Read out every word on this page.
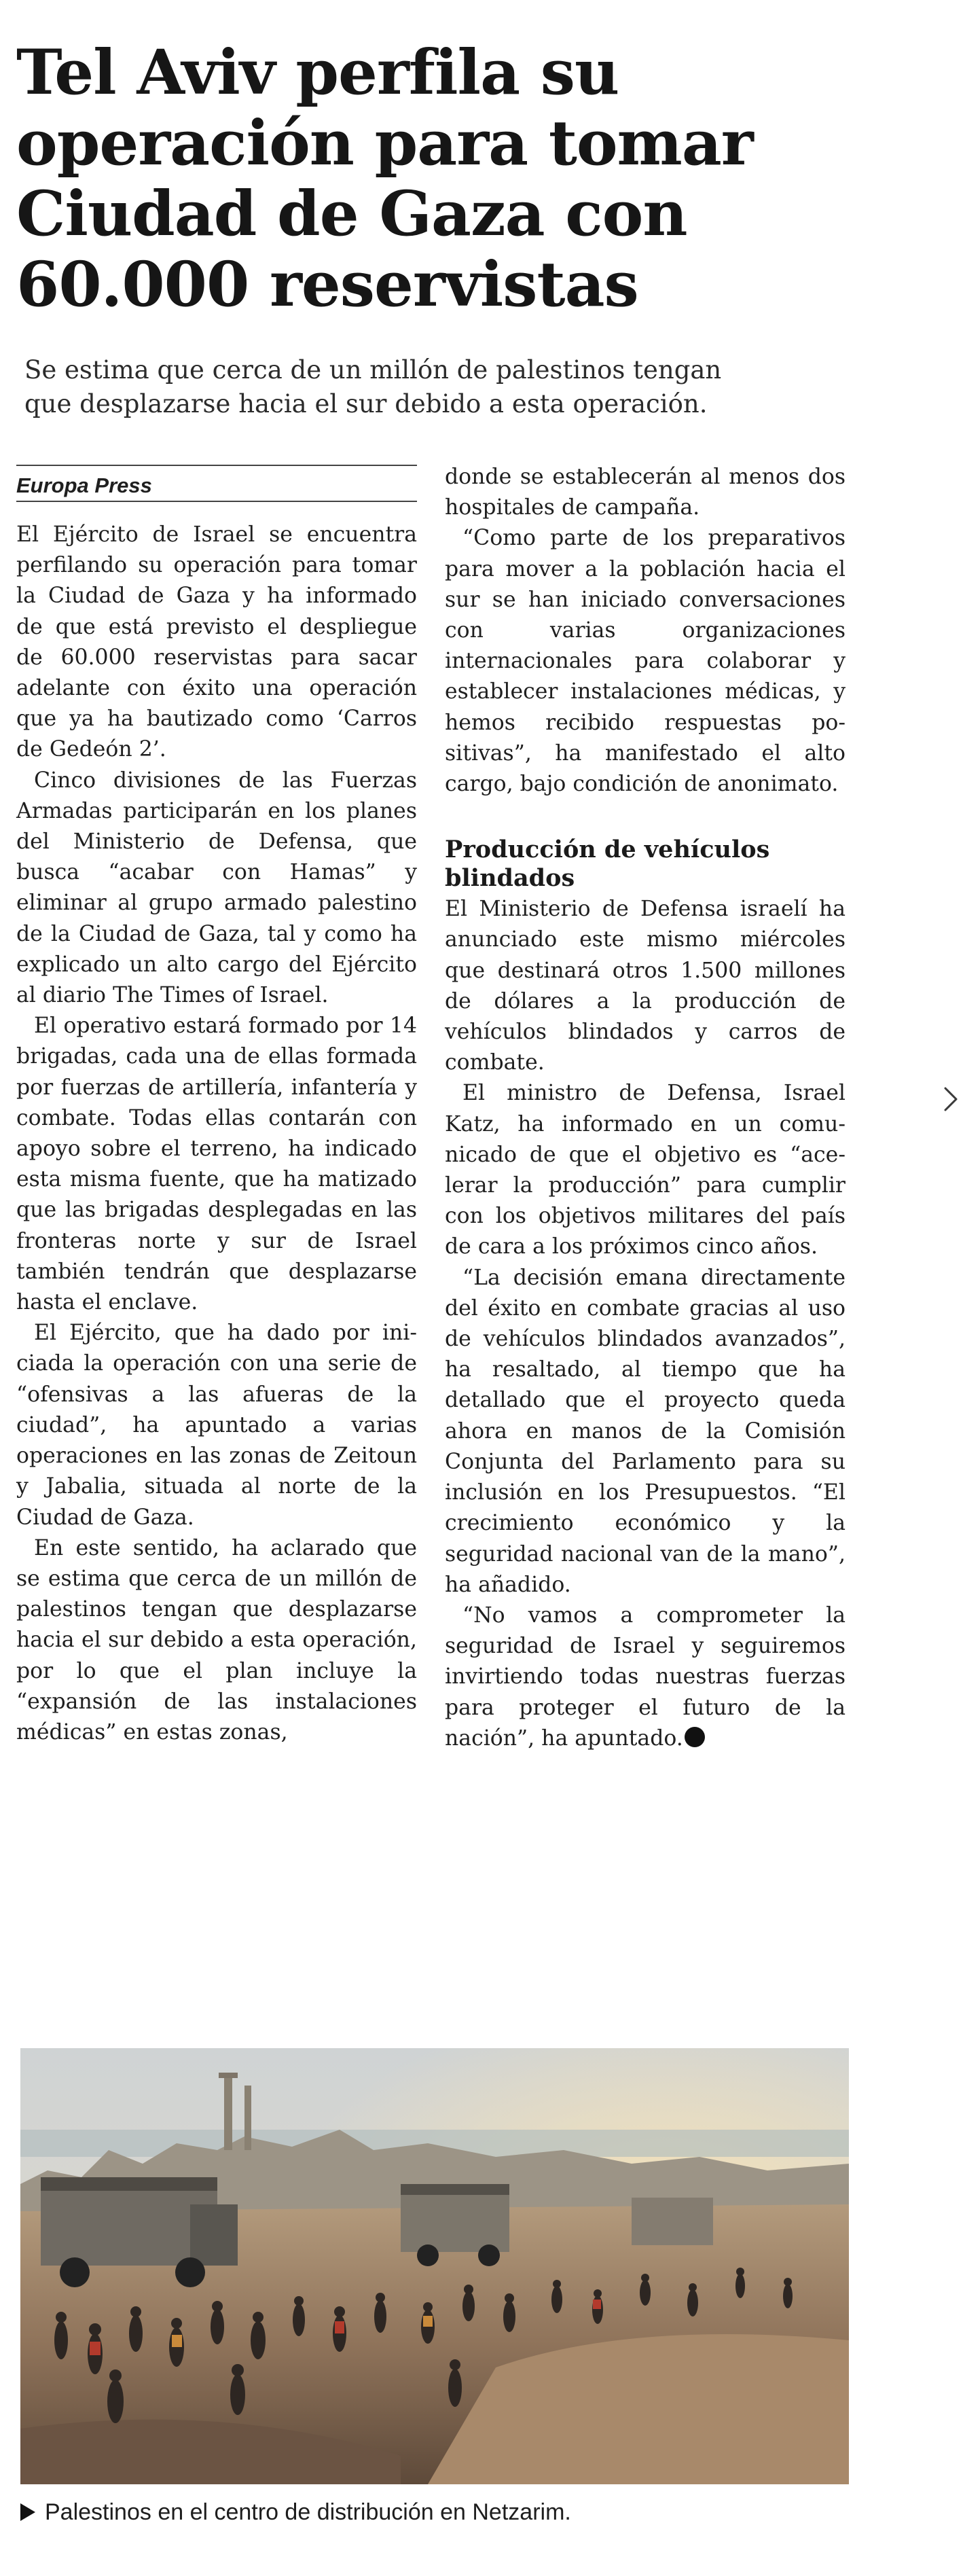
Tel Aviv perfila su
operación para tomar
Ciudad de Gaza con
60.000 reservistas
Se estima que cerca de un millón de palestinos tengan
que desplazarse hacia el sur debido a esta operación.
Europa Press

El Ejército de Israel se encuentra perfilando su operación para tomar la Ciudad de Gaza y ha informado de que está previsto el despliegue de 60.000 reservistas para sacar adelante con éxito una operación que ya ha bautizado como ‘Carros de Gedeón 2’.

Cinco divisiones de las Fuerzas Armadas participarán en los planes del Ministerio de Defensa, que busca “acabar con Hamas” y eliminar al grupo armado palestino de la Ciudad de Gaza, tal y como ha explicado un alto cargo del Ejército al diario The Times of Israel.

El operativo estará formado por 14 brigadas, cada una de ellas formada por fuerzas de artillería, infantería y combate. Todas ellas contarán con apoyo sobre el terreno, ha indicado esta misma fuente, que ha matizado que las brigadas desplegadas en las fronteras norte y sur de Israel también tendrán que desplazarse hasta el enclave.

El Ejército, que ha dado por iniciada la operación con una serie de “ofensivas a las afueras de la ciudad”, ha apuntado a varias operaciones en las zonas de Zeitoun y Jabalia, situada al norte de la Ciudad de Gaza.

En este sentido, ha aclarado que se estima que cerca de un millón de palestinos tengan que desplazarse hacia el sur debido a esta operación, por lo que el plan incluye la “expansión de las instalaciones médicas” en estas zonas,

donde se establecerán al menos dos hospitales de campaña.

“Como parte de los preparativos para mover a la población hacia el sur se han iniciado conversaciones con varias organizaciones internacionales para colaborar y establecer instalaciones médicas, y hemos recibido respuestas positivas”, ha manifestado el alto cargo, bajo condición de anonimato.

Producción de vehículos blindados

El Ministerio de Defensa israelí ha anunciado este mismo miércoles que destinará otros 1.500 millones de dólares a la producción de vehículos blindados y carros de combate.

El ministro de Defensa, Israel Katz, ha informado en un comunicado de que el objetivo es “acelerar la producción” para cumplir con los objetivos militares del país de cara a los próximos cinco años.

“La decisión emana directamente del éxito en combate gracias al uso de vehículos blindados avanzados”, ha resaltado, al tiempo que ha detallado que el proyecto queda ahora en manos de la Comisión Conjunta del Parlamento para su inclusión en los Presupuestos. “El crecimiento económico y la seguridad nacional van de la mano”, ha añadido.

“No vamos a comprometer la seguridad de Israel y seguiremos invirtiendo todas nuestras fuerzas para proteger el futuro de la nación”, ha apuntado.

Palestinos en el centro de distribución en Netzarim.
